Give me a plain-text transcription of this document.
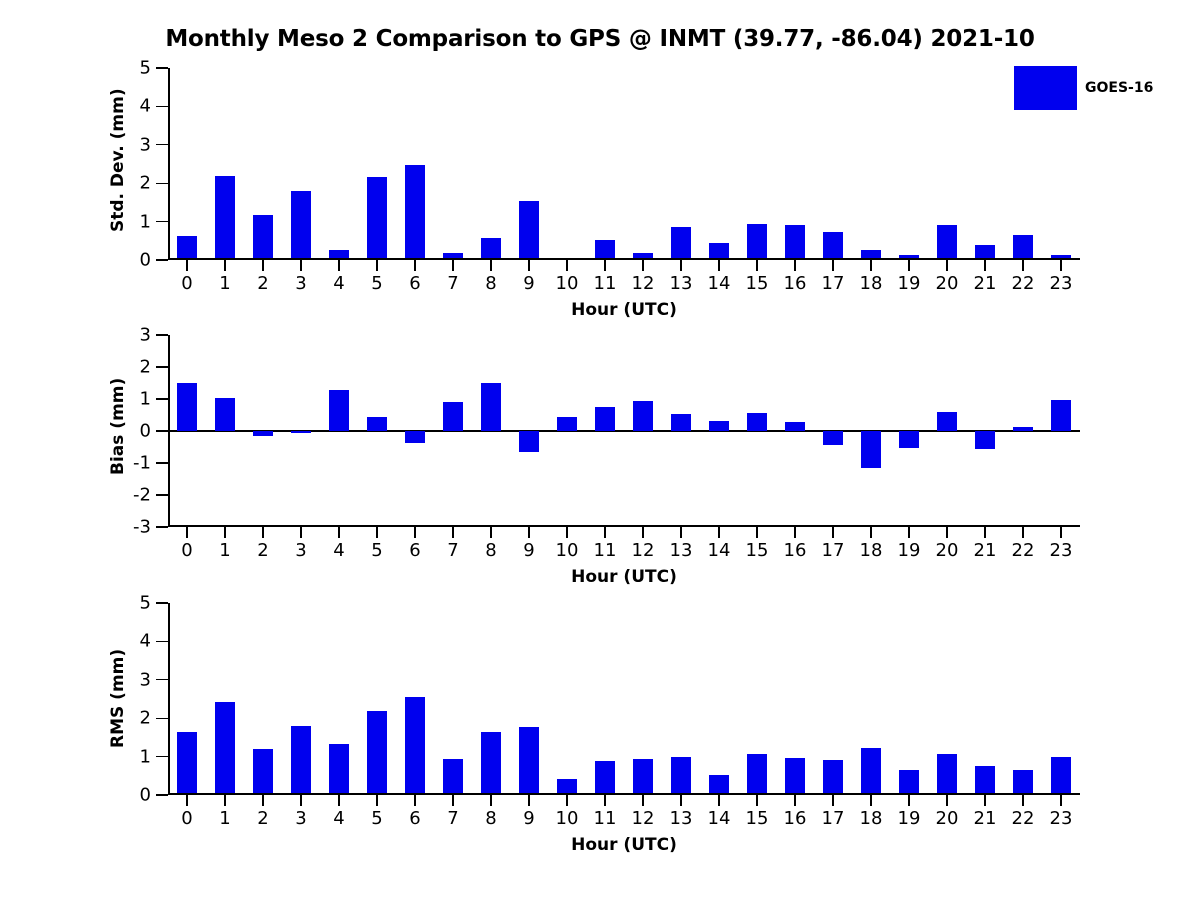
Monthly Meso 2 Comparison to GPS @ INMT (39.77, -86.04) 2021-10
0
1
2
3
4
5
0 1 2 3 4 5 6 7 8 9 10 11 12 13 14 15 16 17 18 19 20 21 22 23
Std. Dev. (mm)
Hour (UTC)
-3
-2
-1
0
1
2
3
0 1 2 3 4 5 6 7 8 9 10 11 12 13 14 15 16 17 18 19 20 21 22 23
Bias (mm)
Hour (UTC)
0
1
2
3
4
5
0 1 2 3 4 5 6 7 8 9 10 11 12 13 14 15 16 17 18 19 20 21 22 23
RMS (mm)
Hour (UTC)
GOES-16
